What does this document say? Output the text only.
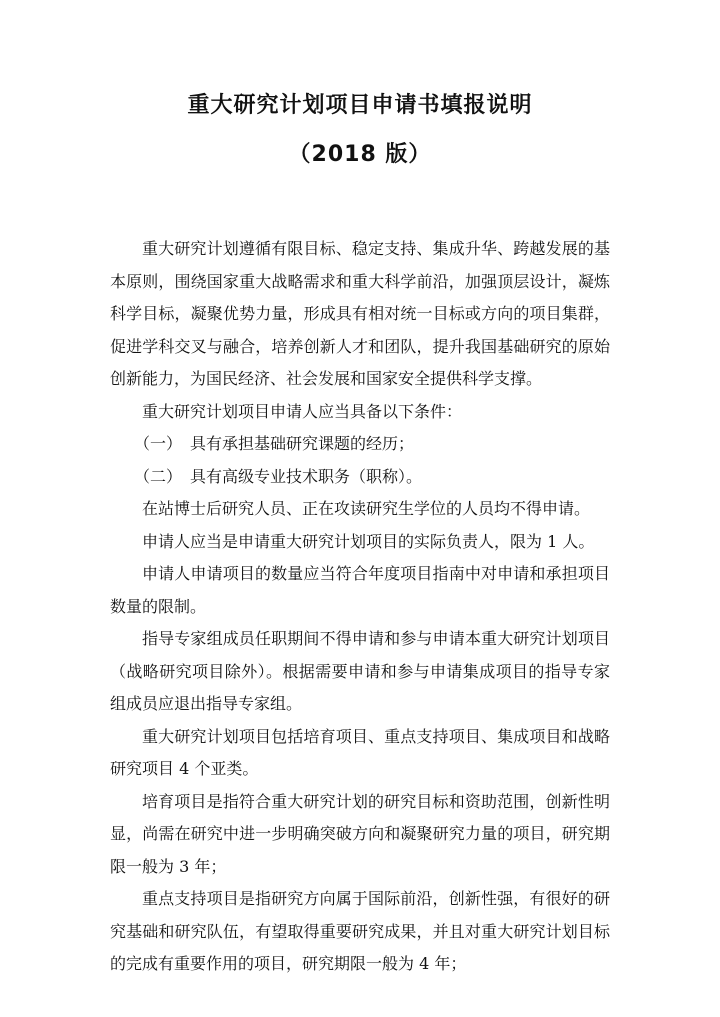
重大研究计划项目申请书填报说明
（2018 版）

重大研究计划遵循有限目标、稳定支持、集成升华、跨越发展的基本原则，围绕国家重大战略需求和重大科学前沿，加强顶层设计，凝炼科学目标，凝聚优势力量，形成具有相对统一目标或方向的项目集群，促进学科交叉与融合，培养创新人才和团队，提升我国基础研究的原始创新能力，为国民经济、社会发展和国家安全提供科学支撑。

重大研究计划项目申请人应当具备以下条件：

（一）　具有承担基础研究课题的经历；

（二）　具有高级专业技术职务（职称）。

在站博士后研究人员、正在攻读研究生学位的人员均不得申请。

申请人应当是申请重大研究计划项目的实际负责人，限为 1 人。

申请人申请项目的数量应当符合年度项目指南中对申请和承担项目数量的限制。

指导专家组成员任职期间不得申请和参与申请本重大研究计划项目（战略研究项目除外）。根据需要申请和参与申请集成项目的指导专家组成员应退出指导专家组。

重大研究计划项目包括培育项目、重点支持项目、集成项目和战略研究项目 4 个亚类。

培育项目是指符合重大研究计划的研究目标和资助范围，创新性明显，尚需在研究中进一步明确突破方向和凝聚研究力量的项目，研究期限一般为 3 年；

重点支持项目是指研究方向属于国际前沿，创新性强，有很好的研究基础和研究队伍，有望取得重要研究成果，并且对重大研究计划目标的完成有重要作用的项目，研究期限一般为 4 年；
